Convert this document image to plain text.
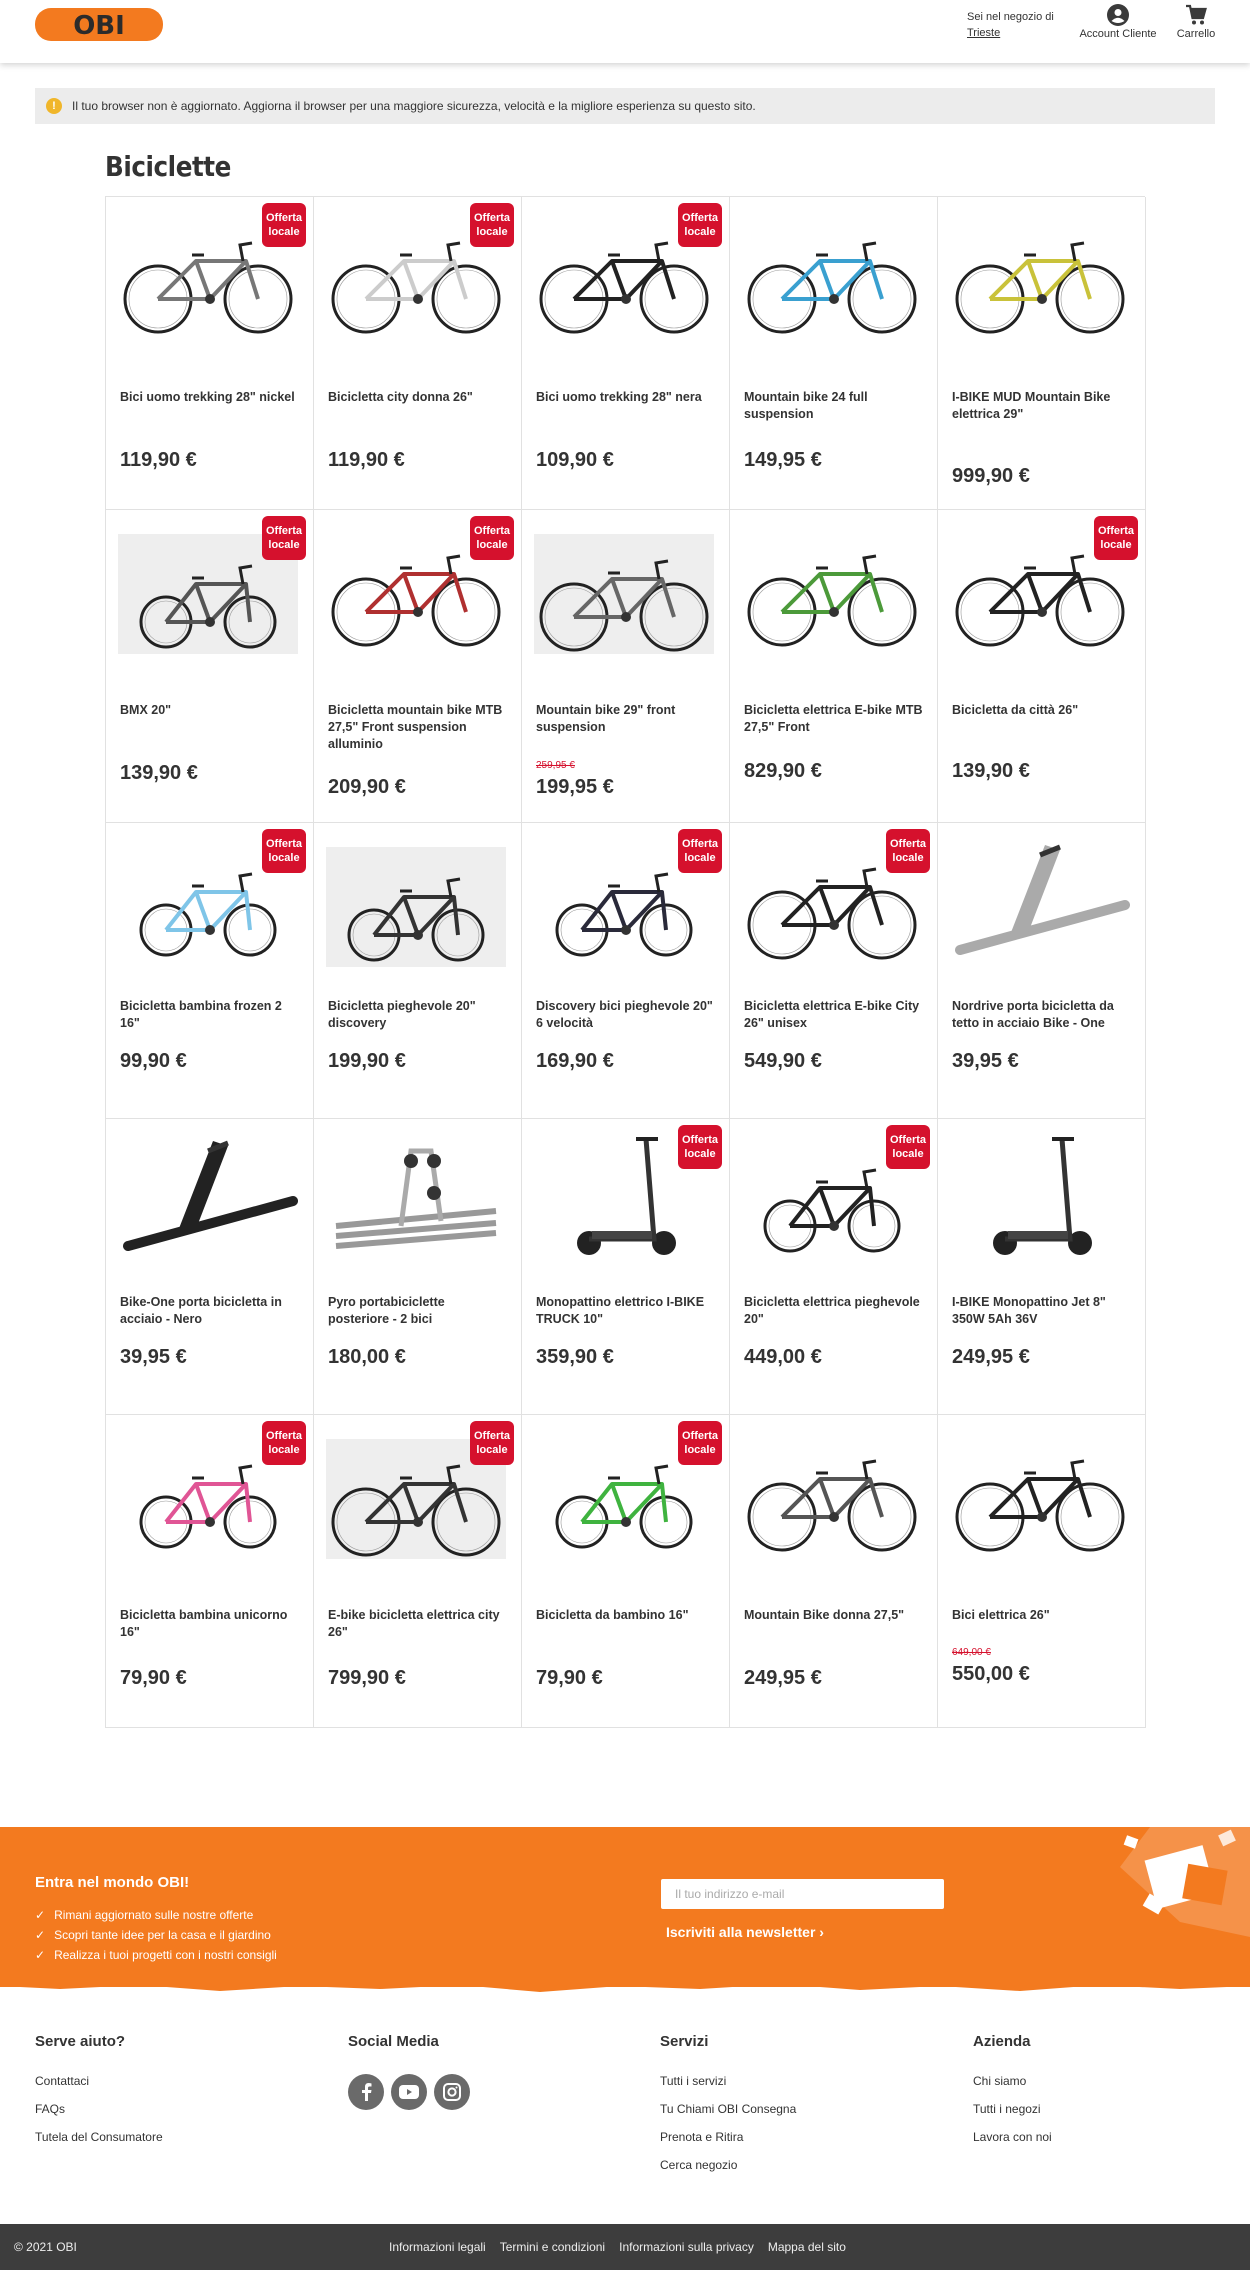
OBI	Sei nel negozio di
Trieste	Account Cliente	Carrello
!	Il tuo browser non è aggiornato. Aggiorna il browser per una maggiore sicurezza, velocità e la migliore esperienza su questo sito.
Biciclette
Offerta locale
Bici uomo trekking 28" nickel
119,90 €
Offerta locale
Bicicletta city donna 26"
119,90 €
Offerta locale
Bici uomo trekking 28" nera
109,90 €
Mountain bike 24 full suspension
149,95 €
I-BIKE MUD Mountain Bike elettrica 29"
999,90 €
Offerta locale
BMX 20"
139,90 €
Offerta locale
Bicicletta mountain bike MTB 27,5" Front suspension alluminio
209,90 €
Mountain bike 29" front suspension
259,95 €
199,95 €
Bicicletta elettrica E-bike MTB 27,5" Front
829,90 €
Offerta locale
Bicicletta da città 26"
139,90 €
Offerta locale
Bicicletta bambina frozen 2 16"
99,90 €
Bicicletta pieghevole 20" discovery
199,90 €
Offerta locale
Discovery bici pieghevole 20" 6 velocità
169,90 €
Offerta locale
Bicicletta elettrica E-bike City 26" unisex
549,90 €
Nordrive porta bicicletta da tetto in acciaio Bike - One
39,95 €
Bike-One porta bicicletta in acciaio - Nero
39,95 €
Pyro portabiciclette posteriore - 2 bici
180,00 €
Offerta locale
Monopattino elettrico I-BIKE TRUCK 10"
359,90 €
Offerta locale
Bicicletta elettrica pieghevole 20"
449,00 €
I-BIKE Monopattino Jet 8" 350W 5Ah 36V
249,95 €
Offerta locale
Bicicletta bambina unicorno 16"
79,90 €
Offerta locale
E-bike bicicletta elettrica city 26"
799,90 €
Offerta locale
Bicicletta da bambino 16"
79,90 €
Mountain Bike donna 27,5"
249,95 €
Bici elettrica 26"
649,00 €
550,00 €
Entra nel mondo OBI!
✓ Rimani aggiornato sulle nostre offerte
✓ Scopri tante idee per la casa e il giardino
✓ Realizza i tuoi progetti con i nostri consigli
Il tuo indirizzo e-mail
Iscriviti alla newsletter ›
Serve aiuto?
Contattaci
FAQs
Tutela del Consumatore
Social Media	Servizi
Tutti i servizi
Tu Chiami OBI Consegna
Prenota e Ritira
Cerca negozio
Azienda
Chi siamo
Tutti i negozi
Lavora con noi
© 2021 OBI	Informazioni legali Termini e condizioni Informazioni sulla privacy Mappa del sito
